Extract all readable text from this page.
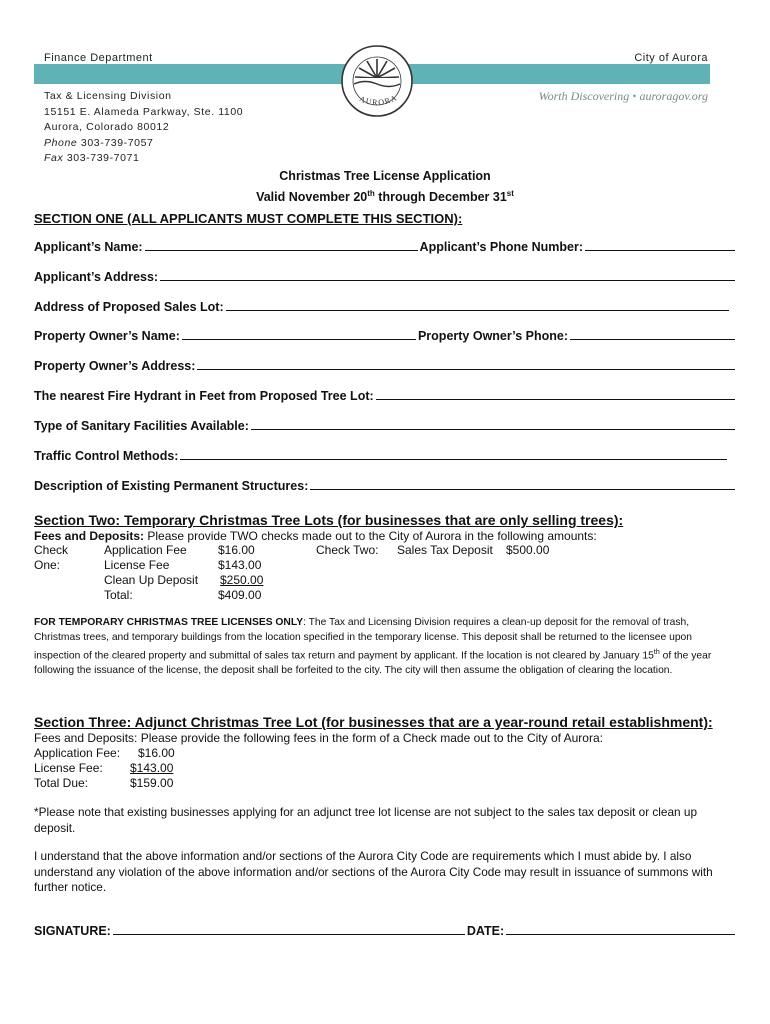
Finance Department	City of Aurora
AURORA
Tax & Licensing Division
15151 E. Alameda Parkway, Ste. 1100
Aurora, Colorado 80012
Phone 303-739-7057
Fax 303-739-7071
Worth Discovering • auroragov.org
Christmas Tree License Application
Valid November 20th through December 31st
SECTION ONE (ALL APPLICANTS MUST COMPLETE THIS SECTION):
Applicant’s Name:	Applicant’s Phone Number:
Applicant’s Address:
Address of Proposed Sales Lot:
Property Owner’s Name:	Property Owner’s Phone:
Property Owner’s Address:
The nearest Fire Hydrant in Feet from Proposed Tree Lot:
Type of Sanitary Facilities Available:
Traffic Control Methods:
Description of Existing Permanent Structures:
Section Two: Temporary Christmas Tree Lots (for businesses that are only selling trees):
Fees and Deposits: Please provide TWO checks made out to the City of Aurora in the following amounts:
Check One:
Application Fee	$16.00
License Fee	$143.00
Clean Up Deposit $250.00
Total:	$409.00
Check Two: Sales Tax Deposit $500.00
FOR TEMPORARY CHRISTMAS TREE LICENSES ONLY: The Tax and Licensing Division requires a clean-up deposit for the removal of trash, Christmas trees, and temporary buildings from the location specified in the temporary license. This deposit shall be returned to the licensee upon inspection of the cleared property and submittal of sales tax return and payment by applicant. If the location is not cleared by January 15th of the year following the issuance of the license, the deposit shall be forfeited to the city. The city will then assume the obligation of clearing the location.
Section Three: Adjunct Christmas Tree Lot (for businesses that are a year-round retail establishment):
Fees and Deposits: Please provide the following fees in the form of a Check made out to the City of Aurora:
Application Fee: $16.00
License Fee: $143.00
Total Due:	$159.00
*Please note that existing businesses applying for an adjunct tree lot license are not subject to the sales tax deposit or clean up deposit.
I understand that the above information and/or sections of the Aurora City Code are requirements which I must abide by. I also understand any violation of the above information and/or sections of the Aurora City Code may result in issuance of summons with further notice.
SIGNATURE:	DATE:
